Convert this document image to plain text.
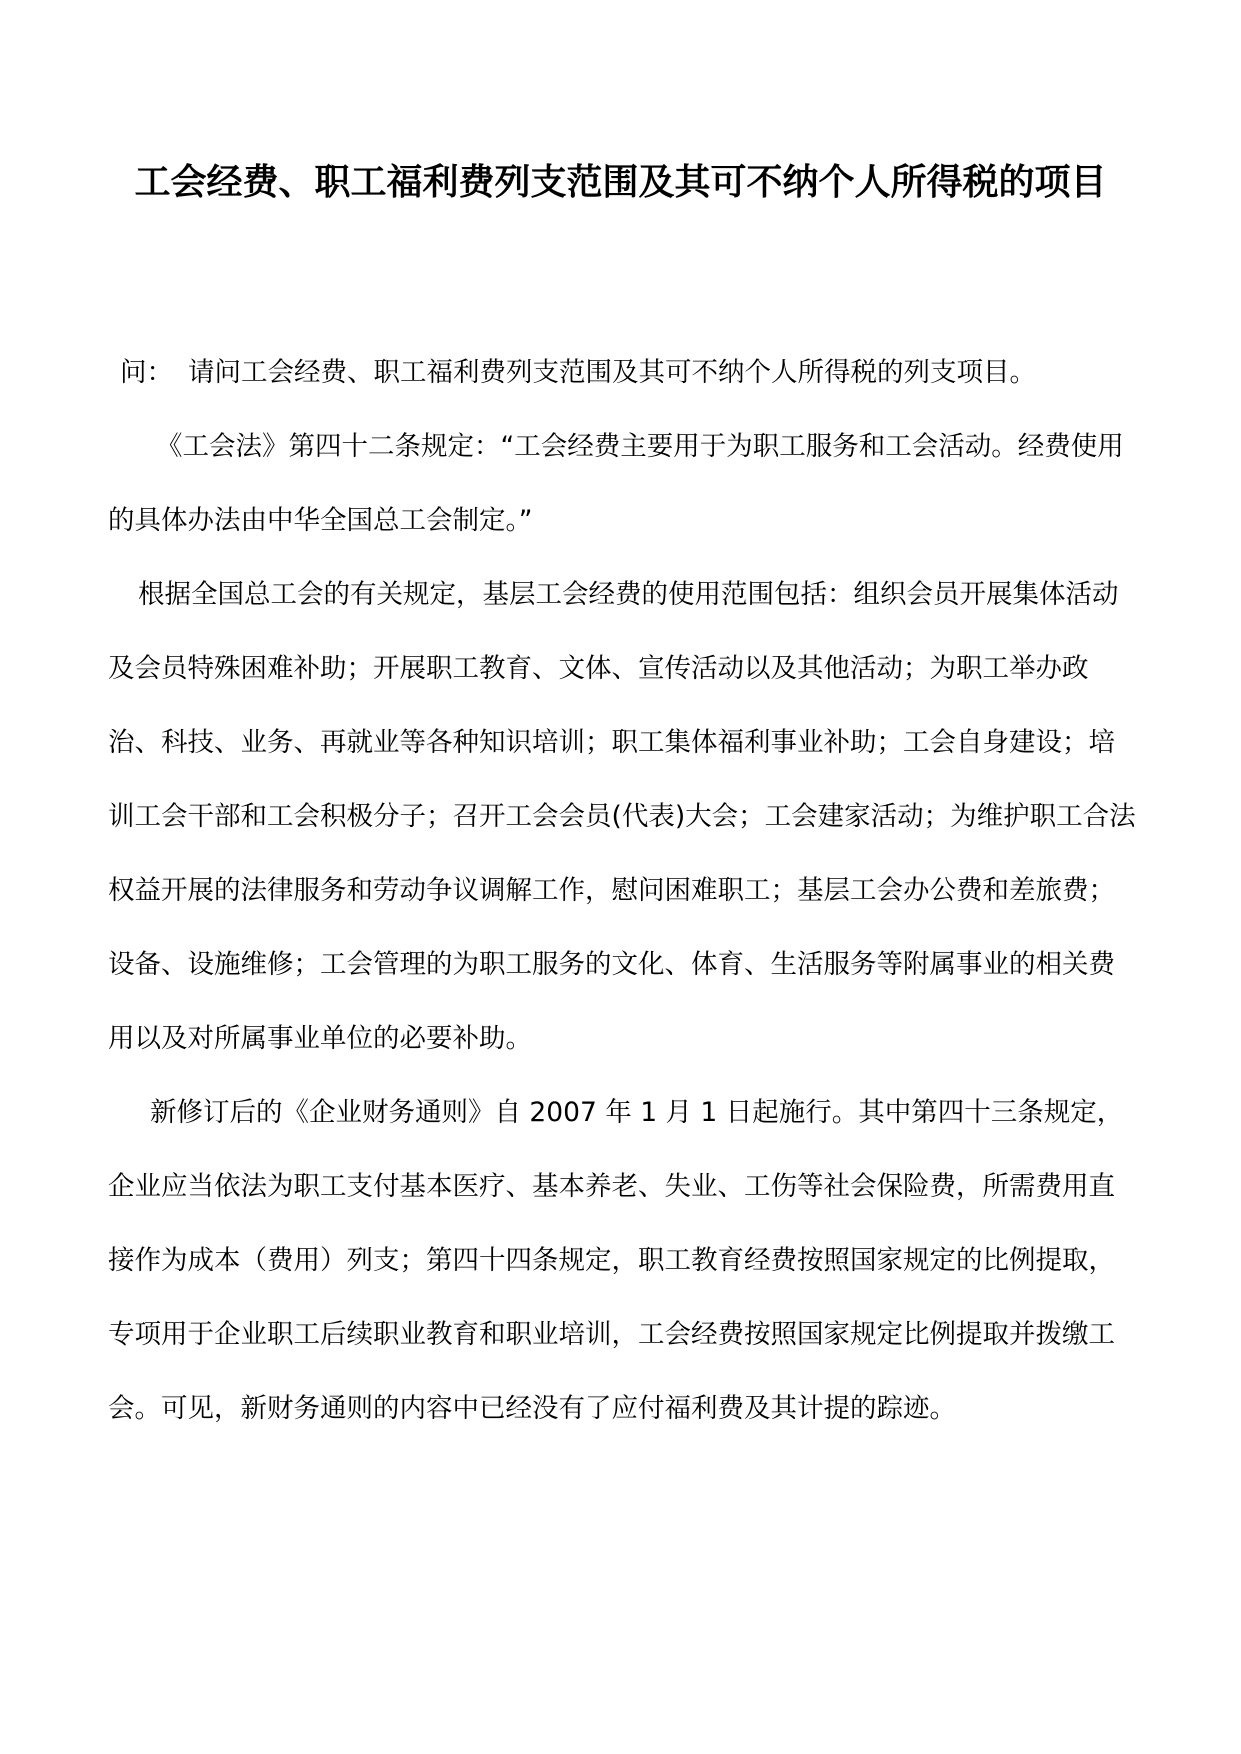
工会经费、职工福利费列支范围及其可不纳个人所得税的项目

问： 请问工会经费、职工福利费列支范围及其可不纳个人所得税的列支项目。

《工会法》第四十二条规定：“工会经费主要用于为职工服务和工会活动。经费使用的具体办法由中华全国总工会制定。”

根据全国总工会的有关规定，基层工会经费的使用范围包括：组织会员开展集体活动及会员特殊困难补助；开展职工教育、文体、宣传活动以及其他活动；为职工举办政治、科技、业务、再就业等各种知识培训；职工集体福利事业补助；工会自身建设；培训工会干部和工会积极分子；召开工会会员(代表)大会；工会建家活动；为维护职工合法权益开展的法律服务和劳动争议调解工作，慰问困难职工；基层工会办公费和差旅费；设备、设施维修；工会管理的为职工服务的文化、体育、生活服务等附属事业的相关费用以及对所属事业单位的必要补助。

新修订后的《企业财务通则》自 2007 年 1 月 1 日起施行。其中第四十三条规定，企业应当依法为职工支付基本医疗、基本养老、失业、工伤等社会保险费，所需费用直接作为成本（费用）列支；第四十四条规定，职工教育经费按照国家规定的比例提取，专项用于企业职工后续职业教育和职业培训，工会经费按照国家规定比例提取并拨缴工会。可见，新财务通则的内容中已经没有了应付福利费及其计提的踪迹。
